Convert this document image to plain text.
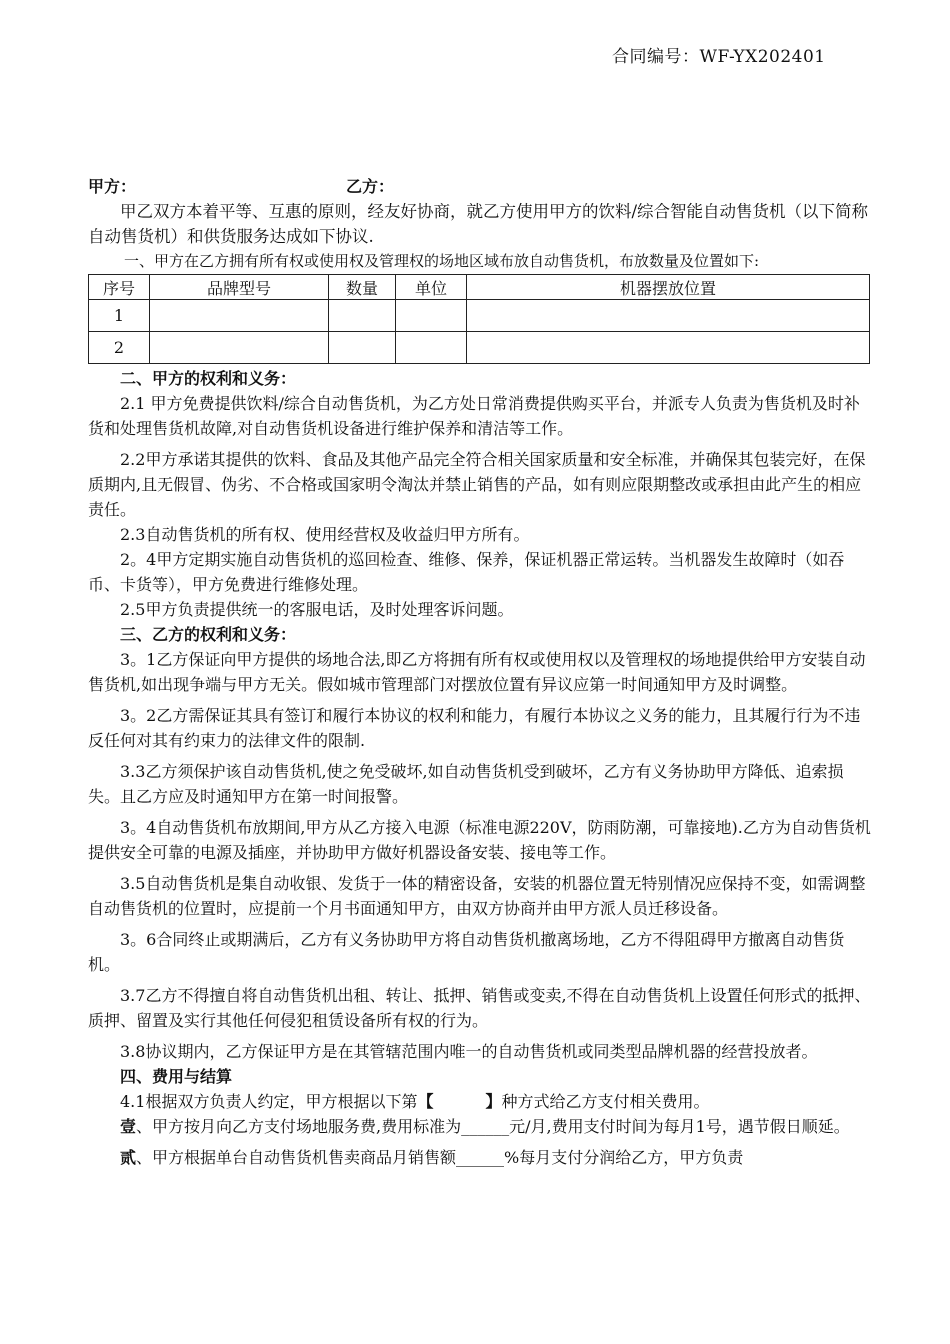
合同编号：WF-YX202401
甲方：	乙方：

甲乙双方本着平等、互惠的原则，经友好协商，就乙方使用甲方的饮料/综合智能自动售货机（以下简称自动售货机）和供货服务达成如下协议.

一、甲方在乙方拥有所有权或使用权及管理权的场地区域布放自动售货机，布放数量及位置如下:

序号	品牌型号	数量	单位	机器摆放位置
1				
2				

二、甲方的权利和义务：

2.1 甲方免费提供饮料/综合自动售货机，为乙方处日常消费提供购买平台，并派专人负责为售货机及时补货和处理售货机故障,对自动售货机设备进行维护保养和清洁等工作。

2.2甲方承诺其提供的饮料、食品及其他产品完全符合相关国家质量和安全标准，并确保其包装完好，在保质期内,且无假冒、伪劣、不合格或国家明令淘汰并禁止销售的产品，如有则应限期整改或承担由此产生的相应责任。

2.3自动售货机的所有权、使用经营权及收益归甲方所有。

2。4甲方定期实施自动售货机的巡回检查、维修、保养，保证机器正常运转。当机器发生故障时（如吞币、卡货等），甲方免费进行维修处理。

2.5甲方负责提供统一的客服电话，及时处理客诉问题。

三、乙方的权利和义务：

3。1乙方保证向甲方提供的场地合法,即乙方将拥有所有权或使用权以及管理权的场地提供给甲方安装自动售货机,如出现争端与甲方无关。假如城市管理部门对摆放位置有异议应第一时间通知甲方及时调整。

3。2乙方需保证其具有签订和履行本协议的权利和能力，有履行本协议之义务的能力，且其履行行为不违反任何对其有约束力的法律文件的限制.

3.3乙方须保护该自动售货机,使之免受破坏,如自动售货机受到破坏，乙方有义务协助甲方降低、追索损失。且乙方应及时通知甲方在第一时间报警。

3。4自动售货机布放期间,甲方从乙方接入电源（标准电源220V，防雨防潮，可靠接地).乙方为自动售货机提供安全可靠的电源及插座，并协助甲方做好机器设备安装、接电等工作。

3.5自动售货机是集自动收银、发货于一体的精密设备，安装的机器位置无特别情况应保持不变，如需调整自动售货机的位置时，应提前一个月书面通知甲方，由双方协商并由甲方派人员迁移设备。

3。6合同终止或期满后，乙方有义务协助甲方将自动售货机撤离场地，乙方不得阻碍甲方撤离自动售货机。

3.7乙方不得擅自将自动售货机出租、转让、抵押、销售或变卖,不得在自动售货机上设置任何形式的抵押、质押、留置及实行其他任何侵犯租赁设备所有权的行为。

3.8协议期内，乙方保证甲方是在其管辖范围内唯一的自动售货机或同类型品牌机器的经营投放者。

四、费用与结算

4.1根据双方负责人约定，甲方根据以下第【	】种方式给乙方支付相关费用。

壹、甲方按月向乙方支付场地服务费,费用标准为______元/月,费用支付时间为每月1号，遇节假日顺延。

贰、甲方根据单台自动售货机售卖商品月销售额______%每月支付分润给乙方，甲方负责
